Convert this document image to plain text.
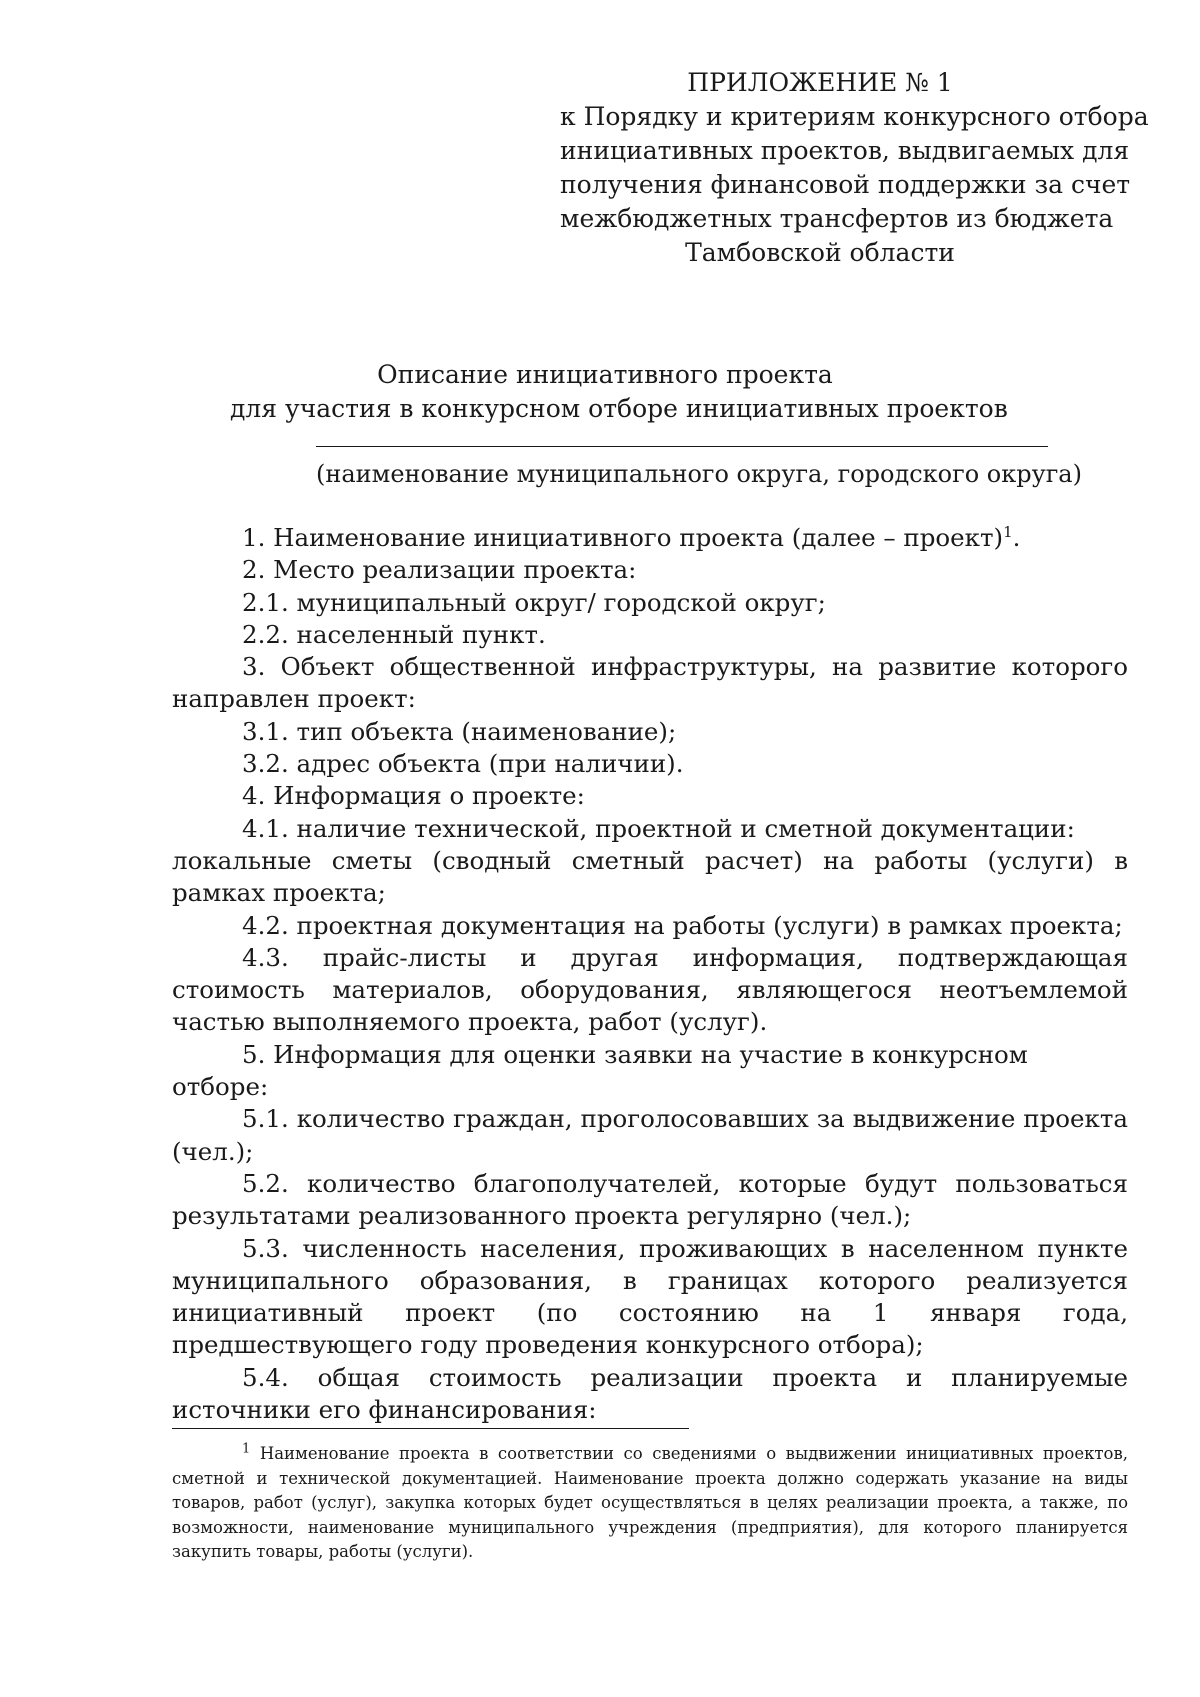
ПРИЛОЖЕНИЕ № 1
к Порядку и критериям конкурсного отбора
инициативных проектов, выдвигаемых для
получения финансовой поддержки за счет
межбюджетных трансфертов из бюджета
Тамбовской области
Описание инициативного проекта
для участия в конкурсном отборе инициативных проектов
(наименование муниципального округа, городского округа)
1. Наименование инициативного проекта (далее – проект)$^1$.
2. Место реализации проекта:
2.1. муниципальный округ/ городской округ;
2.2. населенный пункт.
3. Объект общественной инфраструктуры, на развитие которого направлен проект:
3.1. тип объекта (наименование);
3.2. адрес объекта (при наличии).
4. Информация о проекте:
4.1. наличие технической, проектной и сметной документации:
локальные сметы (сводный сметный расчет) на работы (услуги) в рамках проекта;
4.2. проектная документация на работы (услуги) в рамках проекта;
4.3. прайс-листы и другая информация, подтверждающая стоимость материалов, оборудования, являющегося неотъемлемой частью выполняемого проекта, работ (услуг).
5. Информация для оценки заявки на участие в конкурсном отборе:
5.1. количество граждан, проголосовавших за выдвижение проекта (чел.);
5.2. количество благополучателей, которые будут пользоваться результатами реализованного проекта регулярно (чел.);
5.3. численность населения, проживающих в населенном пункте муниципального образования, в границах которого реализуется инициативный проект (по состоянию на 1 января года, предшествующего году проведения конкурсного отбора);
5.4. общая стоимость реализации проекта и планируемые источники его финансирования:
$^1$ Наименование проекта в соответствии со сведениями о выдвижении инициативных проектов, сметной и технической документацией. Наименование проекта должно содержать указание на виды товаров, работ (услуг), закупка которых будет осуществляться в целях реализации проекта, а также, по возможности, наименование муниципального учреждения (предприятия), для которого планируется закупить товары, работы (услуги).
